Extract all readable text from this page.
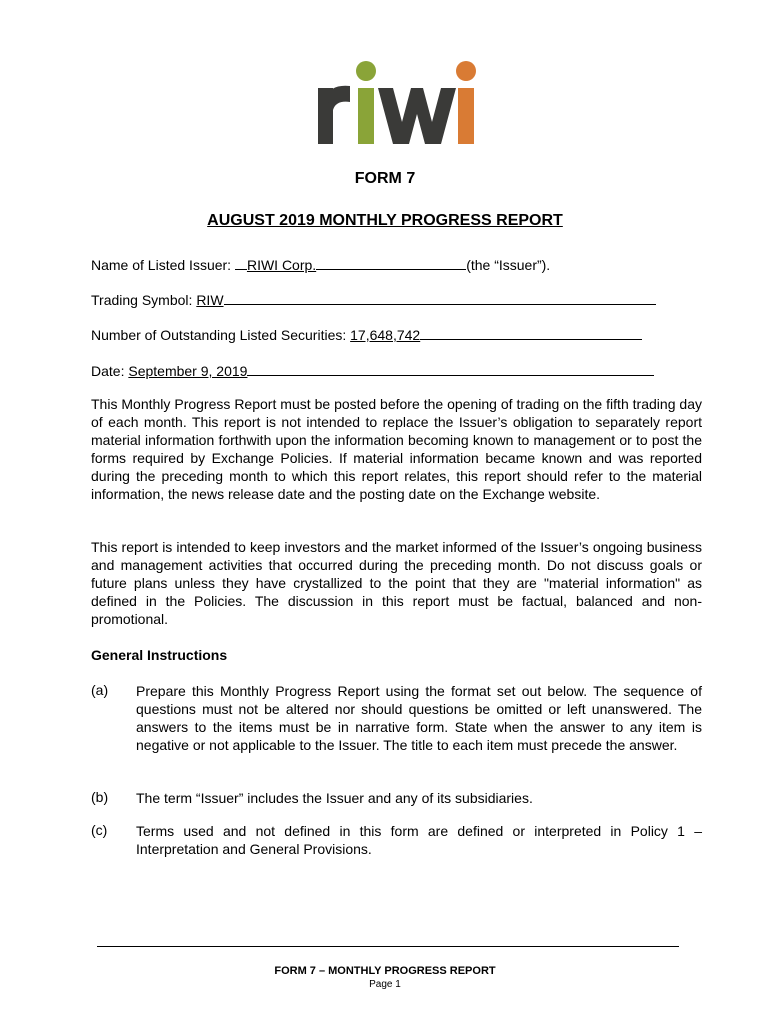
FORM 7
AUGUST 2019 MONTHLY PROGRESS REPORT
Name of Listed Issuer: RIWI Corp.	(the “Issuer”).
Trading Symbol: RIW
Number of Outstanding Listed Securities: 17,648,742
Date: September 9, 2019
This Monthly Progress Report must be posted before the opening of trading on the fifth trading day of each month. This report is not intended to replace the Issuer’s obligation to separately report material information forthwith upon the information becoming known to management or to post the forms required by Exchange Policies. If material information became known and was reported during the preceding month to which this report relates, this report should refer to the material information, the news release date and the posting date on the Exchange website.
This report is intended to keep investors and the market informed of the Issuer’s ongoing business and management activities that occurred during the preceding month. Do not discuss goals or future plans unless they have crystallized to the point that they are "material information" as defined in the Policies. The discussion in this report must be factual, balanced and non-promotional.
General Instructions
(a) Prepare this Monthly Progress Report using the format set out below. The sequence of questions must not be altered nor should questions be omitted or left unanswered. The answers to the items must be in narrative form. State when the answer to any item is negative or not applicable to the Issuer. The title to each item must precede the answer.
(b) The term “Issuer” includes the Issuer and any of its subsidiaries.
(c) Terms used and not defined in this form are defined or interpreted in Policy 1 – Interpretation and General Provisions.
FORM 7 – MONTHLY PROGRESS REPORT
Page 1
